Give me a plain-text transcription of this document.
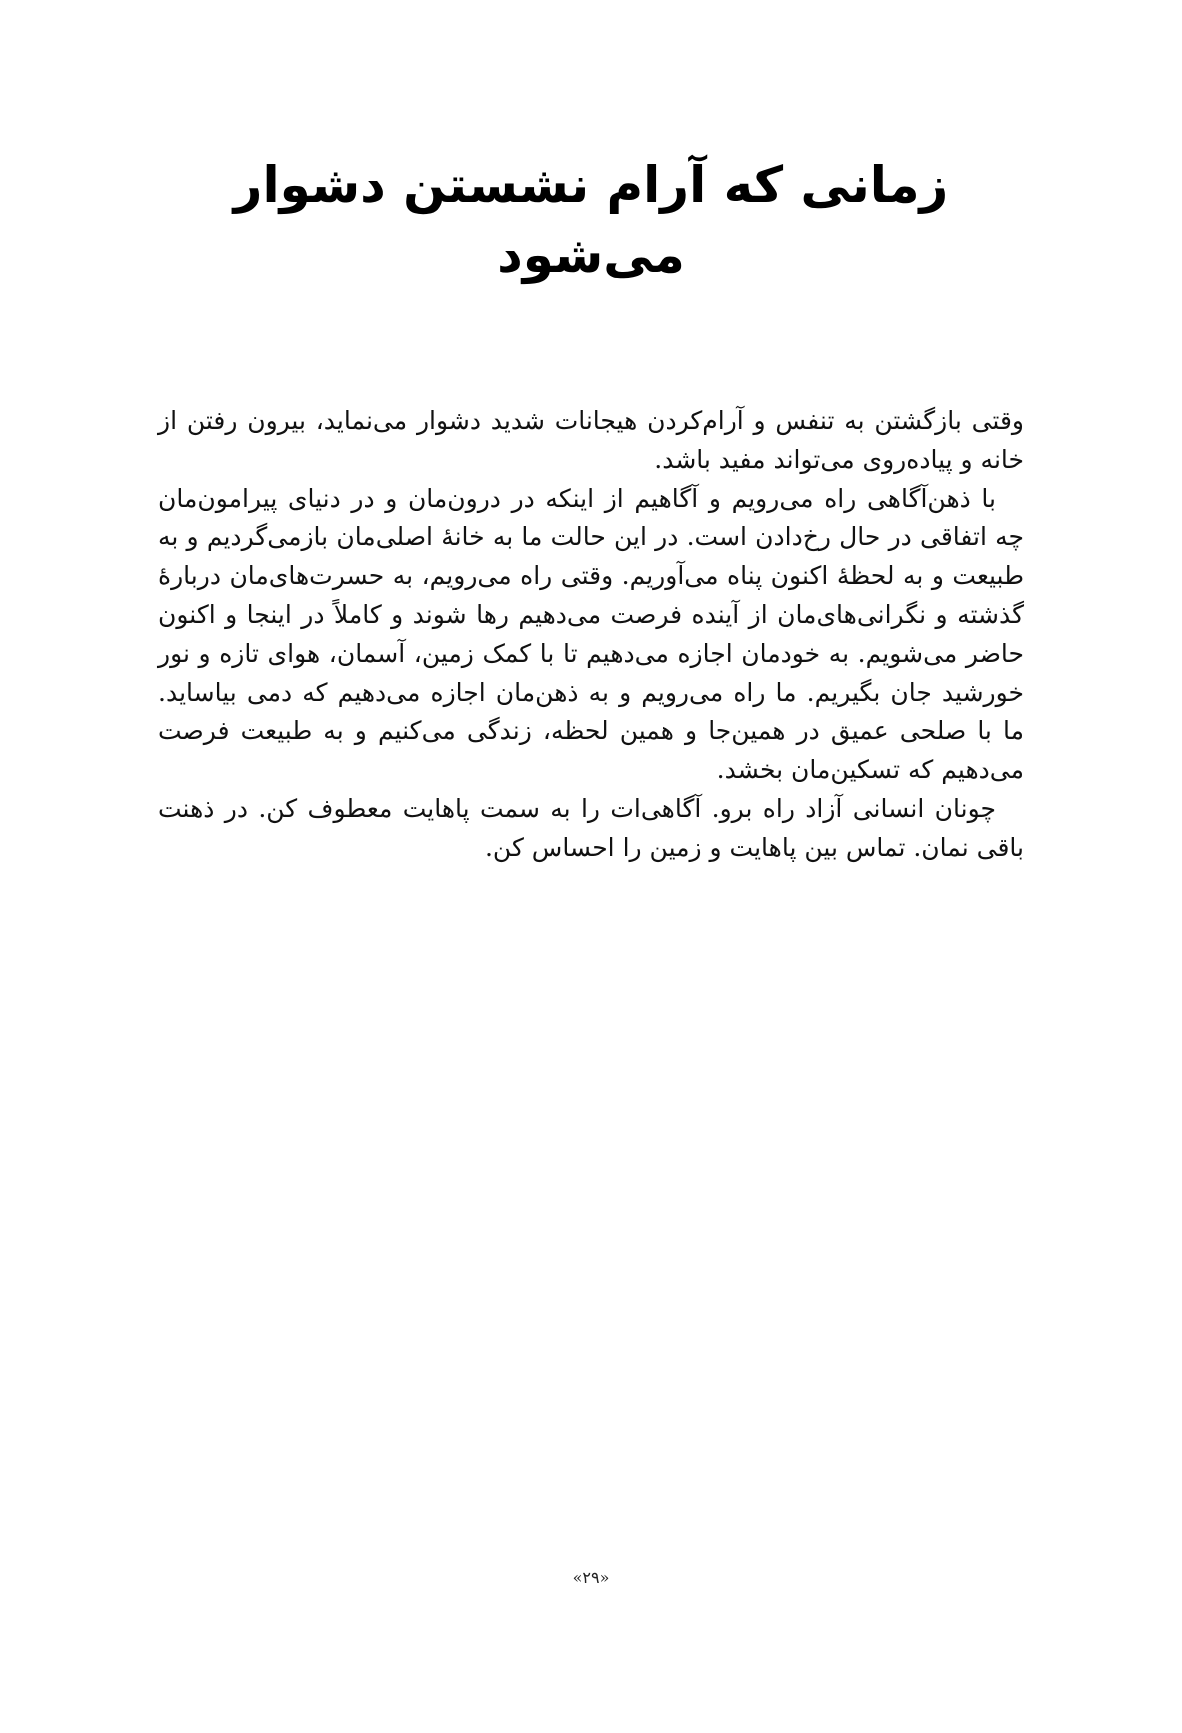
زمانی که آرام نشستن دشوار می‌شود

وقتی بازگشتن به تنفس و آرام‌کردن هیجانات شدید دشوار می‌نماید، بیرون رفتن از خانه و پیاده‌روی می‌تواند مفید باشد.

با ذهن‌آگاهی راه می‌رویم و آگاهیم از اینکه در درون‌مان و در دنیای پیرامون‌مان چه اتفاقی در حال رخ‌دادن است. در این حالت ما به خانهٔ اصلی‌مان بازمی‌گردیم و به طبیعت و به لحظهٔ اکنون پناه می‌آوریم. وقتی راه می‌رویم، به حسرت‌های‌مان دربارهٔ گذشته و نگرانی‌های‌مان از آینده فرصت می‌دهیم رها شوند و کاملاً در اینجا و اکنون حاضر می‌شویم. به خودمان اجازه می‌دهیم تا با کمک زمین، آسمان، هوای تازه و نور خورشید جان بگیریم. ما راه می‌رویم و به ذهن‌مان اجازه می‌دهیم که دمی بیاساید. ما با صلحی عمیق در همین‌جا و همین لحظه، زندگی می‌کنیم و به طبیعت فرصت می‌دهیم که تسکین‌مان بخشد.

چونان انسانی آزاد راه برو. آگاهی‌ات را به سمت پاهایت معطوف کن. در ذهنت باقی نمان. تماس بین پاهایت و زمین را احساس کن.

«۲۹»
